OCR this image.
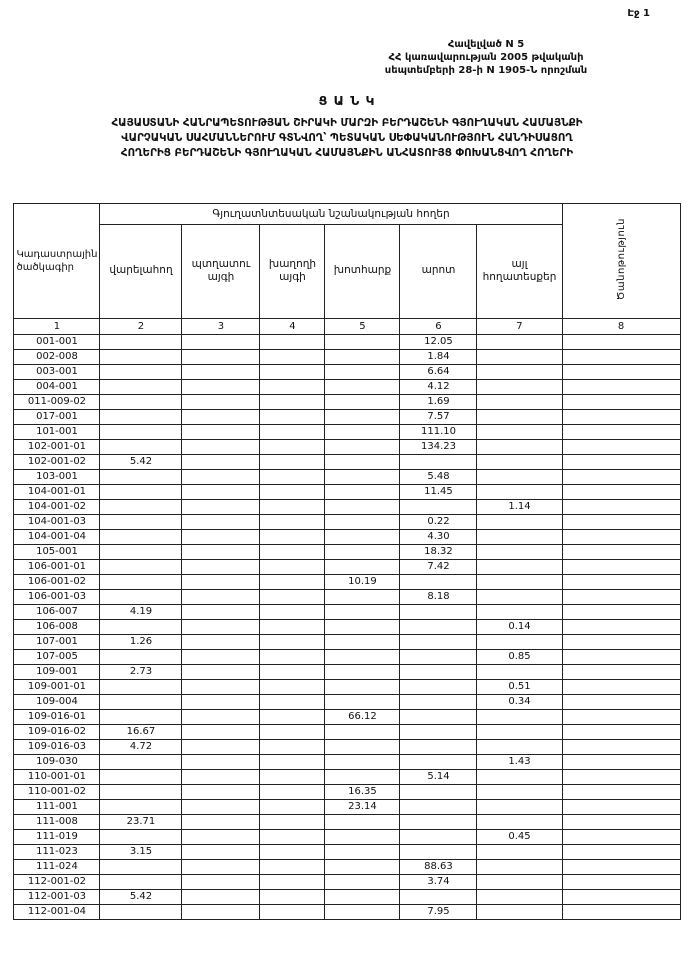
Էջ 1
Հավելված N 5
ՀՀ կառավարության 2005 թվականի
սեպտեմբերի 28-ի N 1905-Ն որոշման
Ց Ա Ն Կ
ՀԱՅԱՍՏԱՆԻ ՀԱՆՐԱՊԵՏՈՒԹՅԱՆ ՇԻՐԱԿԻ ՄԱՐԶԻ ԲԵՐԴԱՇԵՆԻ ԳՅՈՒՂԱԿԱՆ ՀԱՄԱՅՆՔԻ
ՎԱՐՉԱԿԱՆ ՍԱՀՄԱՆՆԵՐՈՒՄ ԳՏՆՎՈՂ՝ ՊԵՏԱԿԱՆ ՍԵՓԱԿԱՆՈՒԹՅՈՒՆ ՀԱՆԴԻՍԱՑՈՂ
ՀՈՂԵՐԻՑ ԲԵՐԴԱՇԵՆԻ ԳՅՈՒՂԱԿԱՆ ՀԱՄԱՅՆՔԻՆ ԱՆՀԱՏՈՒՅՑ ՓՈԽԱՆՑՎՈՂ ՀՈՂԵՐԻ
Կադաստրային ծածկագիր	Գյուղատնտեսական նշանակության հողեր						Ծանոթություն
	վարելահող	պտղատու այգի	խաղողի այգի	խոտհարք	արոտ	այլ հողատեսքեր	
1	2	3	4	5	6	7	8
001-001					12.05		
002-008					1.84		
003-001					6.64		
004-001					4.12		
011-009-02					1.69		
017-001					7.57		
101-001					111.10		
102-001-01					134.23		
102-001-02	5.42						
103-001					5.48		
104-001-01					11.45		
104-001-02						1.14	
104-001-03					0.22		
104-001-04					4.30		
105-001					18.32		
106-001-01					7.42		
106-001-02				10.19			
106-001-03					8.18		
106-007	4.19						
106-008						0.14	
107-001	1.26						
107-005						0.85	
109-001	2.73						
109-001-01						0.51	
109-004						0.34	
109-016-01				66.12			
109-016-02	16.67						
109-016-03	4.72						
109-030						1.43	
110-001-01					5.14		
110-001-02				16.35			
111-001				23.14			
111-008	23.71						
111-019						0.45	
111-023	3.15						
111-024					88.63		
112-001-02					3.74		
112-001-03	5.42						
112-001-04					7.95		
